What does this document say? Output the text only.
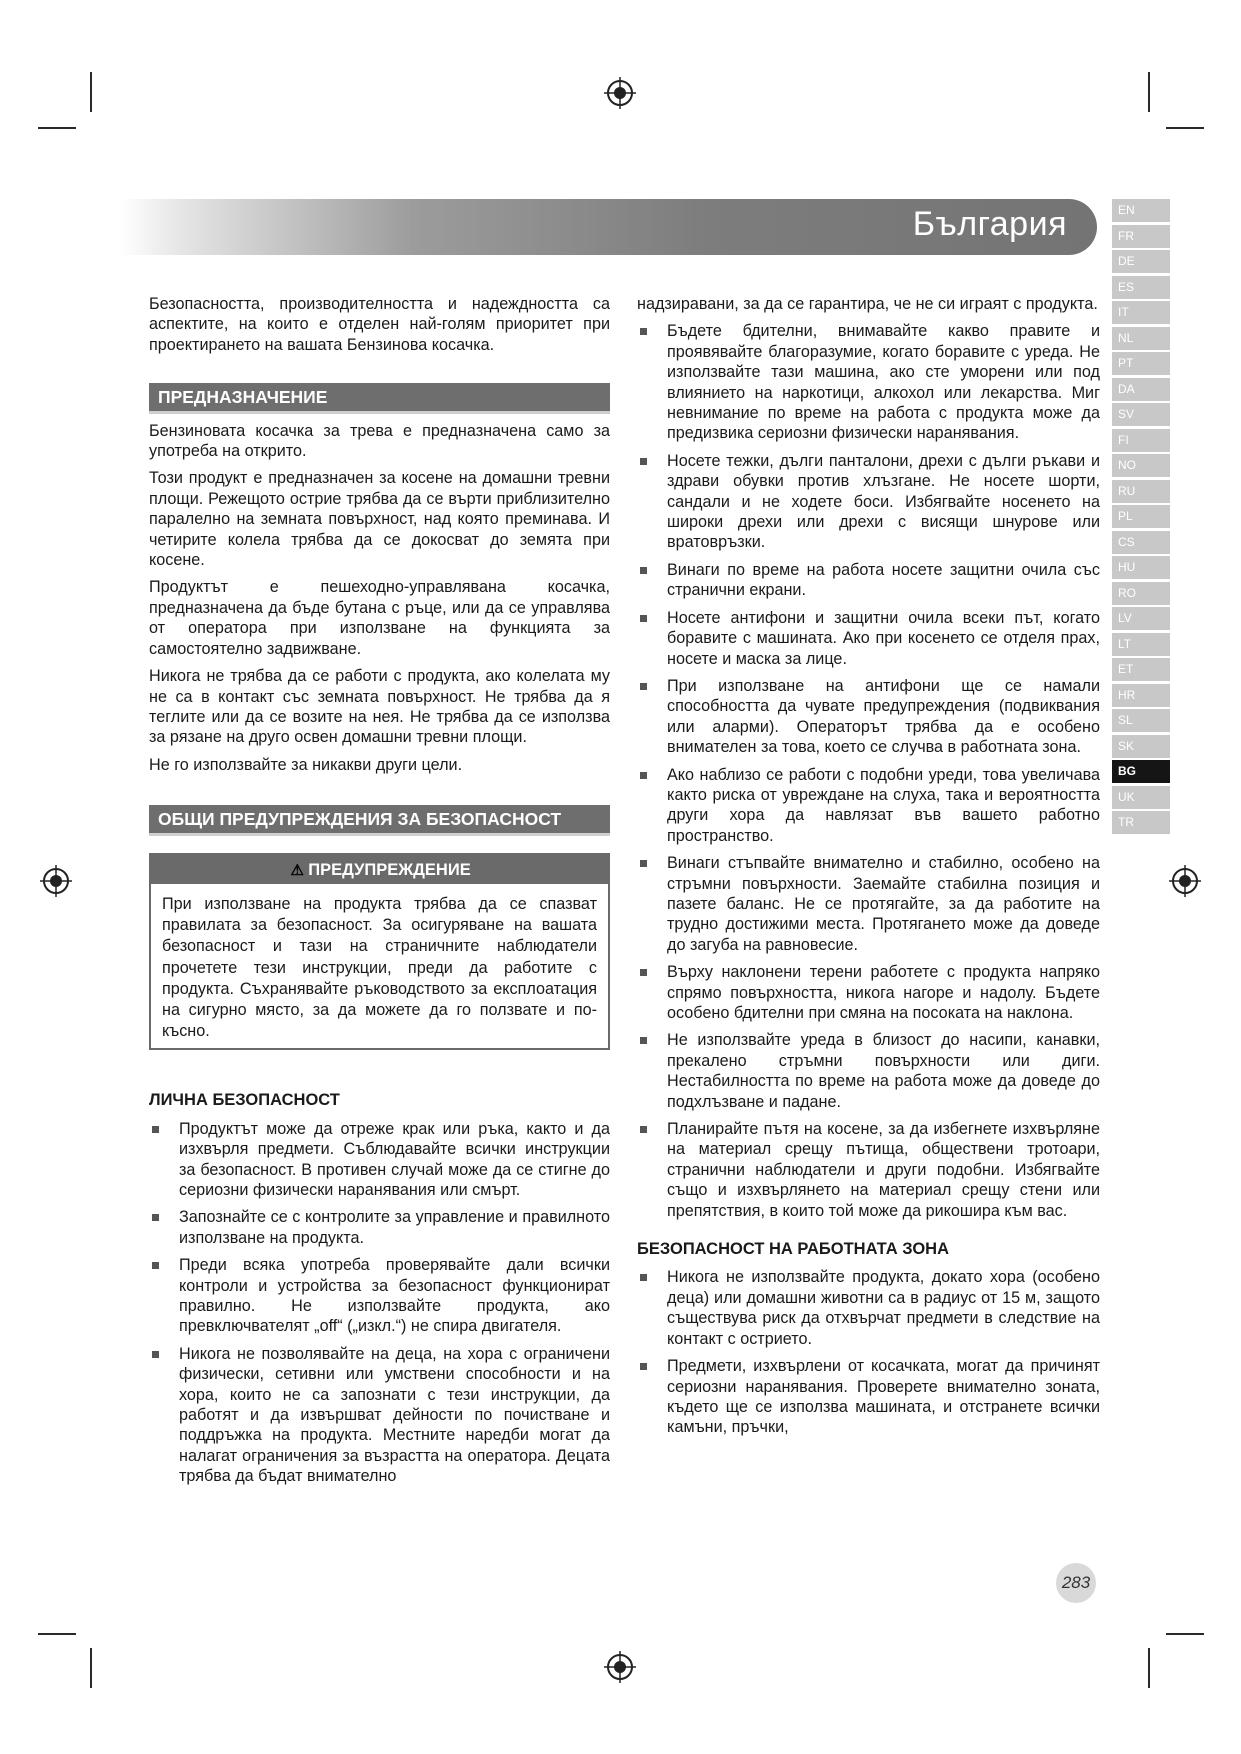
България	EN
FR
DE
ES
IT
NL
PT
DA
SV
FI
NO
RU
PL
CS
HU
RO
LV
LT
ET
HR
SL
SK
BG
UK
TR

Безопасността, производителността и надеждността са аспектите, на които е отделен най-голям приоритет при проектирането на вашата Бензинова косачка.

ПРЕДНАЗНАЧЕНИЕ

Бензиновата косачка за трева е предназначена само за употреба на открито.

Този продукт е предназначен за косене на домашни тревни площи. Режещото острие трябва да се върти приблизително паралелно на земната повърхност, над която преминава. И четирите колела трябва да се докосват до земята при косене.

Продуктът е пешеходно-управлявана косачка, предназначена да бъде бутана с ръце, или да се управлява от оператора при използване на функцията за самостоятелно задвижване.

Никога не трябва да се работи с продукта, ако колелата му не са в контакт със земната повърхност. Не трябва да я теглите или да се возите на нея. Не трябва да се използва за рязане на друго освен домашни тревни площи.

Не го използвайте за никакви други цели.

ОБЩИ ПРЕДУПРЕЖДЕНИЯ ЗА БЕЗОПАСНОСТ
⚠ ПРЕДУПРЕЖДЕНИЕ
При използване на продукта трябва да се спазват правилата за безопасност. За осигуряване на вашата безопасност и тази на страничните наблюдатели прочетете тези инструкции, преди да работите с продукта. Съхранявайте ръководството за експлоатация на сигурно място, за да можете да го ползвате и по-късно.
ЛИЧНА БЕЗОПАСНОСТ
Продуктът може да отреже крак или ръка, както и да изхвърля предмети. Съблюдавайте всички инструкции за безопасност. В противен случай може да се стигне до сериозни физически наранявания или смърт.
Запознайте се с контролите за управление и правилното използване на продукта.
Преди всяка употреба проверявайте дали всички контроли и устройства за безопасност функционират правилно. Не използвайте продукта, ако превключвателят „off“ („изкл.“) не спира двигателя.
Никога не позволявайте на деца, на хора с ограничени физически, сетивни или умствени способности и на хора, които не са запознати с тези инструкции, да работят и да извършват дейности по почистване и поддръжка на продукта. Местните наредби могат да налагат ограничения за възрастта на оператора. Децата трябва да бъдат внимателно

надзиравани, за да се гарантира, че не си играят с продукта.

Бъдете бдителни, внимавайте какво правите и проявявайте благоразумие, когато боравите с уреда. Не използвайте тази машина, ако сте уморени или под влиянието на наркотици, алкохол или лекарства. Миг невнимание по време на работа с продукта може да предизвика сериозни физически наранявания.
Носете тежки, дълги панталони, дрехи с дълги ръкави и здрави обувки против хлъзгане. Не носете шорти, сандали и не ходете боси. Избягвайте носенето на широки дрехи или дрехи с висящи шнурове или вратовръзки.
Винаги по време на работа носете защитни очила със странични екрани.
Носете антифони и защитни очила всеки път, когато боравите с машината. Ако при косенето се отделя прах, носете и маска за лице.
При използване на антифони ще се намали способността да чувате предупреждения (подвиквания или аларми). Операторът трябва да е особено внимателен за това, което се случва в работната зона.
Ако наблизо се работи с подобни уреди, това увеличава както риска от увреждане на слуха, така и вероятността други хора да навлязат във вашето работно пространство.
Винаги стъпвайте внимателно и стабилно, особено на стръмни повърхности. Заемайте стабилна позиция и пазете баланс. Не се протягайте, за да работите на трудно достижими места. Протягането може да доведе до загуба на равновесие.
Върху наклонени терени работете с продукта напряко спрямо повърхността, никога нагоре и надолу. Бъдете особено бдителни при смяна на посоката на наклона.
Не използвайте уреда в близост до насипи, канавки, прекалено стръмни повърхности или диги. Нестабилността по време на работа може да доведе до подхлъзване и падане.
Планирайте пътя на косене, за да избегнете изхвърляне на материал срещу пътища, обществени тротоари, странични наблюдатели и други подобни. Избягвайте също и изхвърлянето на материал срещу стени или препятствия, в които той може да рикошира към вас.
БЕЗОПАСНОСТ НА РАБОТНАТА ЗОНА
Никога не използвайте продукта, докато хора (особено деца) или домашни животни са в радиус от 15 м, защото съществува риск да отхвърчат предмети в следствие на контакт с острието.
Предмети, изхвърлени от косачката, могат да причинят сериозни наранявания. Проверете внимателно зоната, където ще се използва машината, и отстранете всички камъни, пръчки,
283
